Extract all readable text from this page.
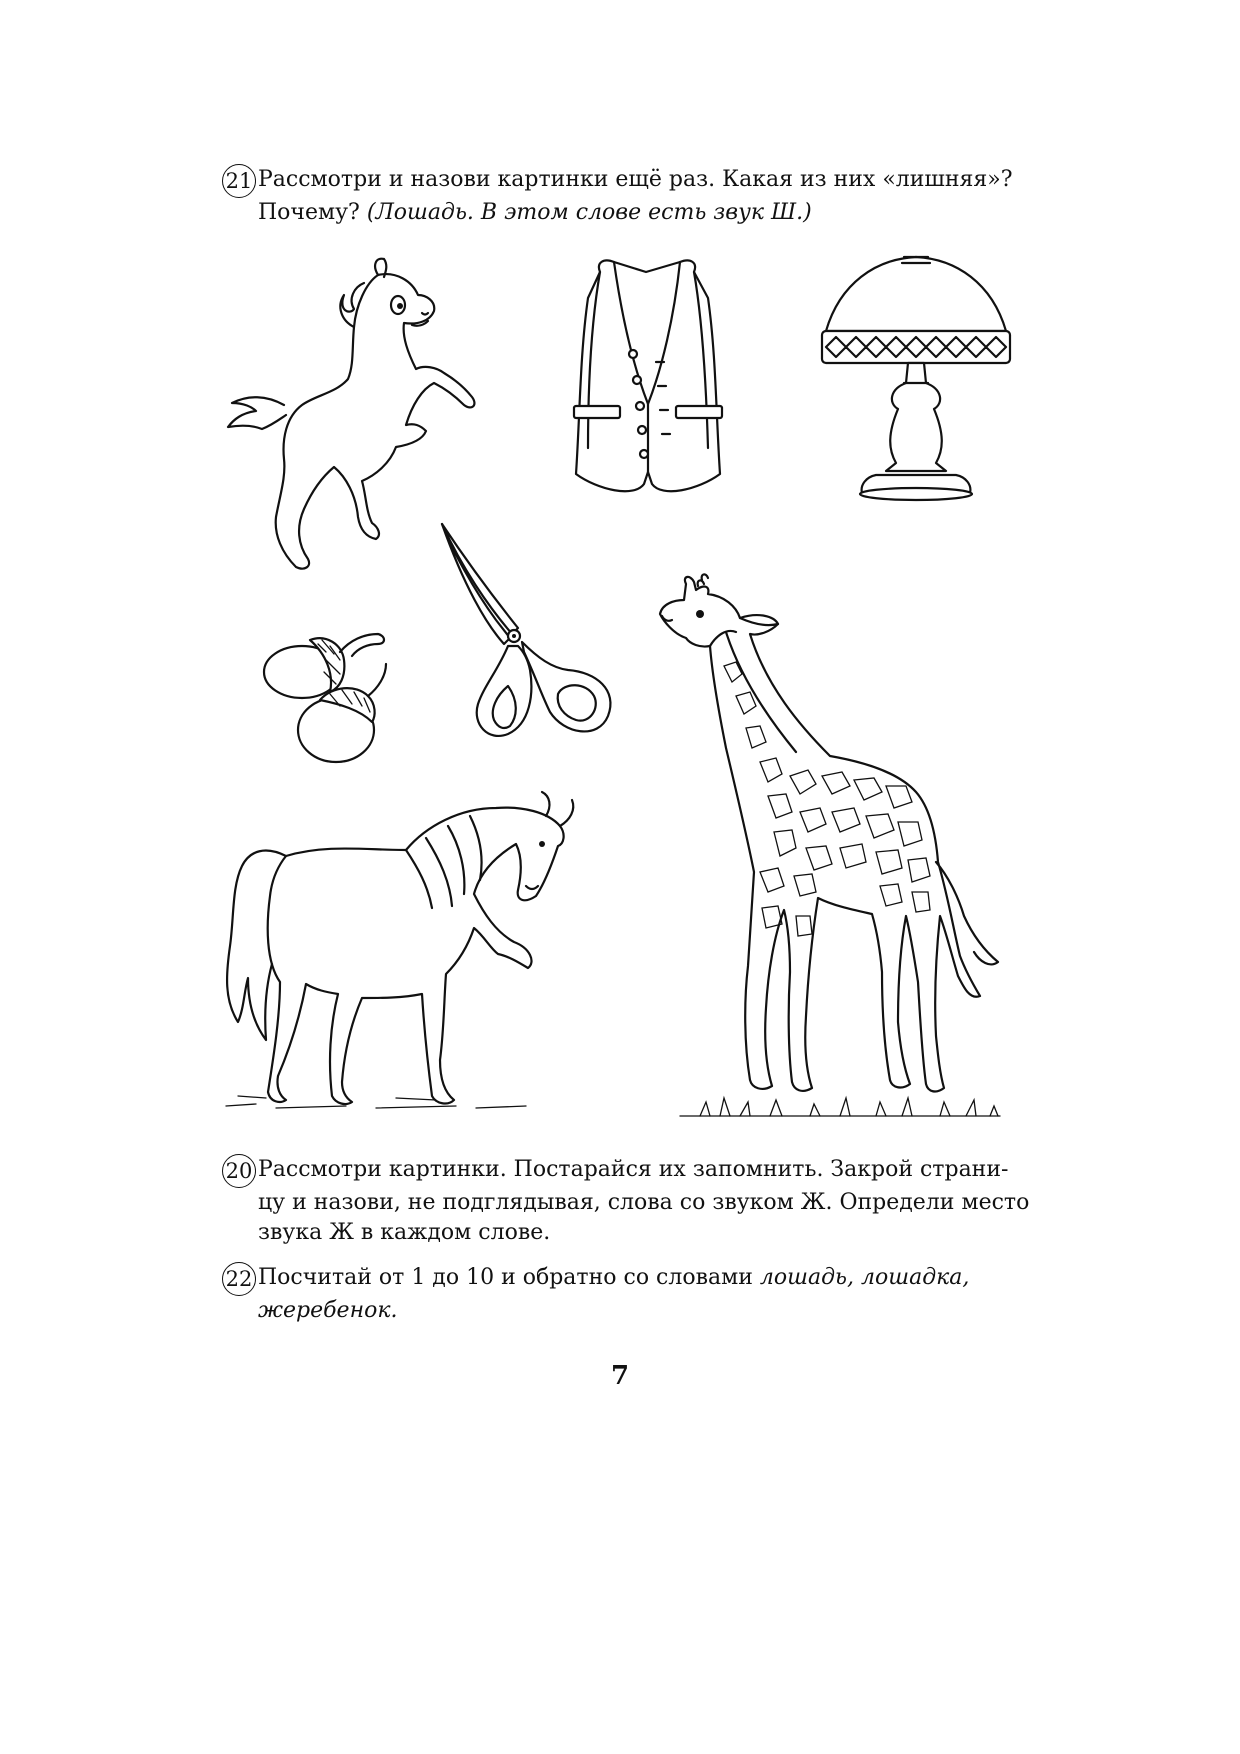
21 Рассмотри и назови картинки ещё раз. Какая из них «лишняя»?

Почему? (Лошадь. В этом слове есть звук Ш.)

20 Рассмотри картинки. Постарайся их запомнить. Закрой страни-

цу и назови, не подглядывая, слова со звуком Ж. Определи место

звука Ж в каждом слове.

22 Посчитай от 1 до 10 и обратно со словами лошадь, лошадка,

жеребенок.

7
